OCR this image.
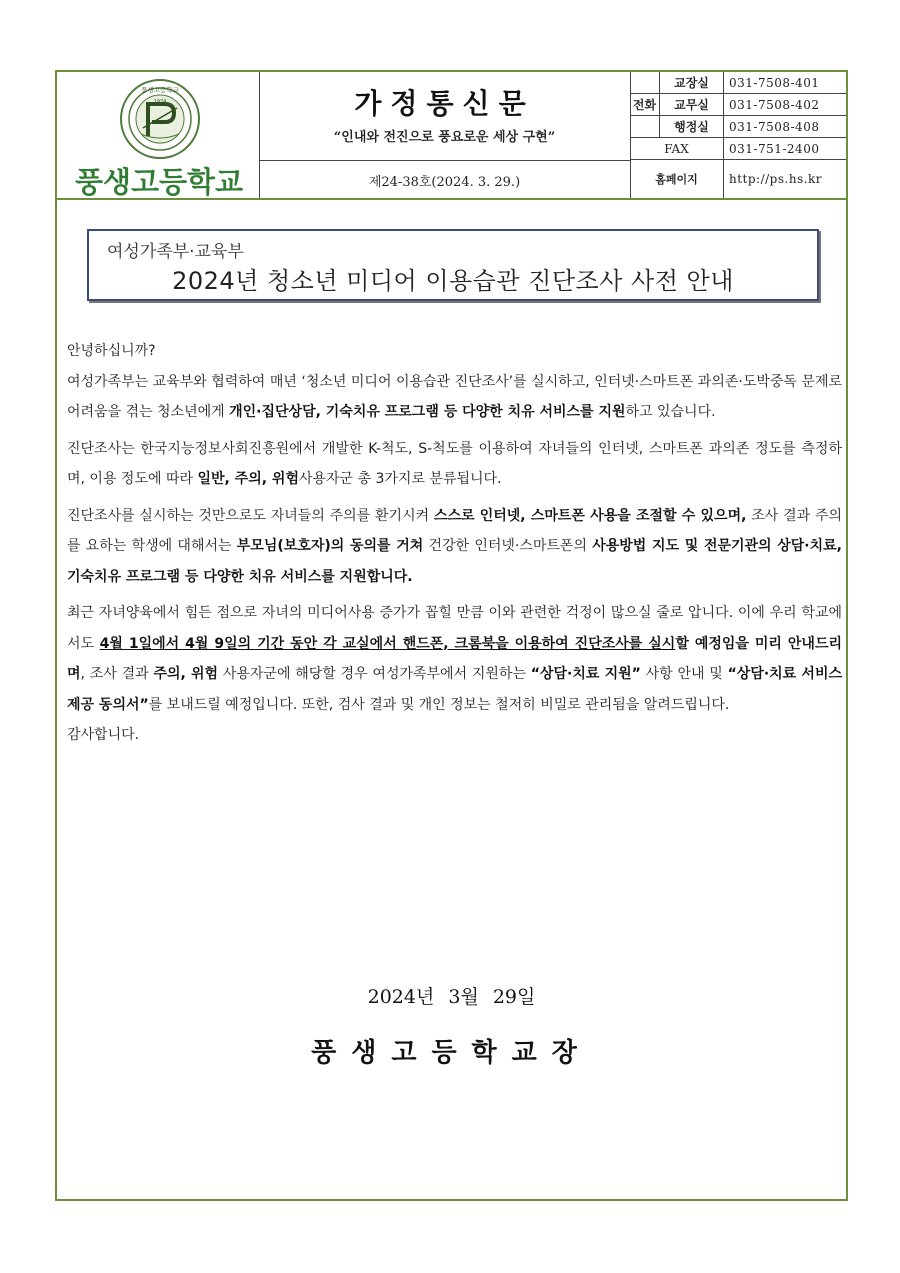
풍생고등학교
1974
풍생고등학교
가정통신문
“인내와 전진으로 풍요로운 세상 구현”
제24-38호(2024. 3. 29.)
전화
교장실	031-7508-401
교무실	031-7508-402
행정실	031-7508-408
FAX	031-751-2400
홈페이지	http://ps.hs.kr
여성가족부·교육부
2024년 청소년 미디어 이용습관 진단조사 사전 안내

안녕하십니까?

여성가족부는 교육부와 협력하여 매년 ‘청소년 미디어 이용습관 진단조사’를 실시하고, 인터넷·스마트폰 과의존·도박중독 문제로 어려움을 겪는 청소년에게 개인·집단상담, 기숙치유 프로그램 등 다양한 치유 서비스를 지원하고 있습니다.

진단조사는 한국지능정보사회진흥원에서 개발한 K-척도, S-척도를 이용하여 자녀들의 인터넷, 스마트폰 과의존 정도를 측정하며, 이용 정도에 따라 일반, 주의, 위험사용자군 총 3가지로 분류됩니다.

진단조사를 실시하는 것만으로도 자녀들의 주의를 환기시켜 스스로 인터넷, 스마트폰 사용을 조절할 수 있으며, 조사 결과 주의를 요하는 학생에 대해서는 부모님(보호자)의 동의를 거쳐 건강한 인터넷·스마트폰의 사용방법 지도 및 전문기관의 상담·치료, 기숙치유 프로그램 등 다양한 치유 서비스를 지원합니다.

최근 자녀양육에서 힘든 점으로 자녀의 미디어사용 증가가 꼽힐 만큼 이와 관련한 걱정이 많으실 줄로 압니다. 이에 우리 학교에서도 4월 1일에서 4월 9일의 기간 동안 각 교실에서 핸드폰, 크롬북을 이용하여 진단조사를 실시할 예정임을 미리 안내드리며, 조사 결과 주의, 위험 사용자군에 해당할 경우 여성가족부에서 지원하는 “상담·치료 지원” 사항 안내 및 “상담·치료 서비스 제공 동의서”를 보내드릴 예정입니다. 또한, 검사 결과 및 개인 정보는 철저히 비밀로 관리됨을 알려드립니다.

감사합니다.

2024년 3월 29일
풍생고등학교장
